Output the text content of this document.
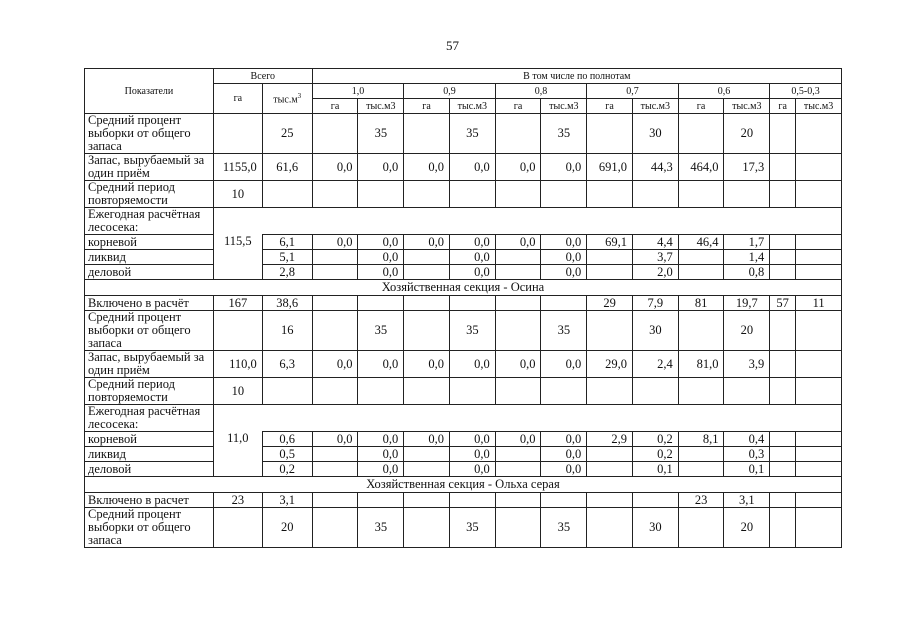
57
Показатели	Всего		В том числе по полнотам											
	га	$тыс.м^3$	1,0		0,9		0,8		0,7		0,6		0,5-0,3	
			га	тыс.м3	га	тыс.м3	га	тыс.м3	га	тыс.м3	га	тыс.м3	га	тыс.м3
Средний процент выборки от общего запаса		25		35		35		35		30		20		
Запас, вырубаемый за один приём	1155,0	61,6	0,0	0,0	0,0	0,0	0,0	0,0	691,0	44,3	464,0	17,3		
Средний период повторяемости	10													
Ежегодная расчётная лесосека:														
корневой	115,5	6,1	0,0	0,0	0,0	0,0	0,0	0,0	69,1	4,4	46,4	1,7		
ликвид		5,1		0,0		0,0		0,0		3,7		1,4		
деловой		2,8		0,0		0,0		0,0		2,0		0,8		
Хозяйственная секция - Осина														
Включено в расчёт	167	38,6							29	7,9	81	19,7	57	11
Средний процент выборки от общего запаса		16		35		35		35		30		20		
Запас, вырубаемый за один приём	110,0	6,3	0,0	0,0	0,0	0,0	0,0	0,0	29,0	2,4	81,0	3,9		
Средний период повторяемости	10													
Ежегодная расчётная лесосека:														
корневой	11,0	0,6	0,0	0,0	0,0	0,0	0,0	0,0	2,9	0,2	8,1	0,4		
ликвид		0,5		0,0		0,0		0,0		0,2		0,3		
деловой		0,2		0,0		0,0		0,0		0,1		0,1		
Хозяйственная секция - Ольха серая														
Включено в расчет	23	3,1									23	3,1		
Средний процент выборки от общего запаса		20		35		35		35		30		20		
